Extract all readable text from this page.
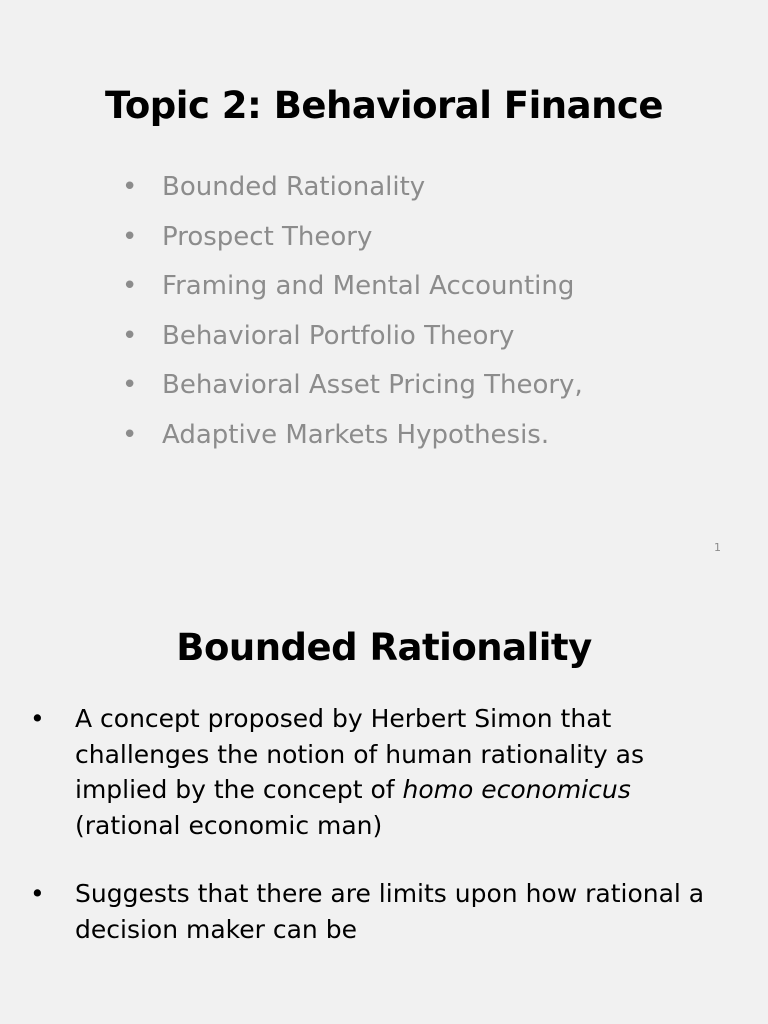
Topic 2: Behavioral Finance
• Bounded Rationality
• Prospect Theory
• Framing and Mental Accounting
• Behavioral Portfolio Theory
• Behavioral Asset Pricing Theory,
• Adaptive Markets Hypothesis.
1
Bounded Rationality
•	A concept proposed by Herbert Simon that challenges the notion of human rationality as implied by the concept of homo economicus (rational economic man)
•	Suggests that there are limits upon how rational a decision maker can be
